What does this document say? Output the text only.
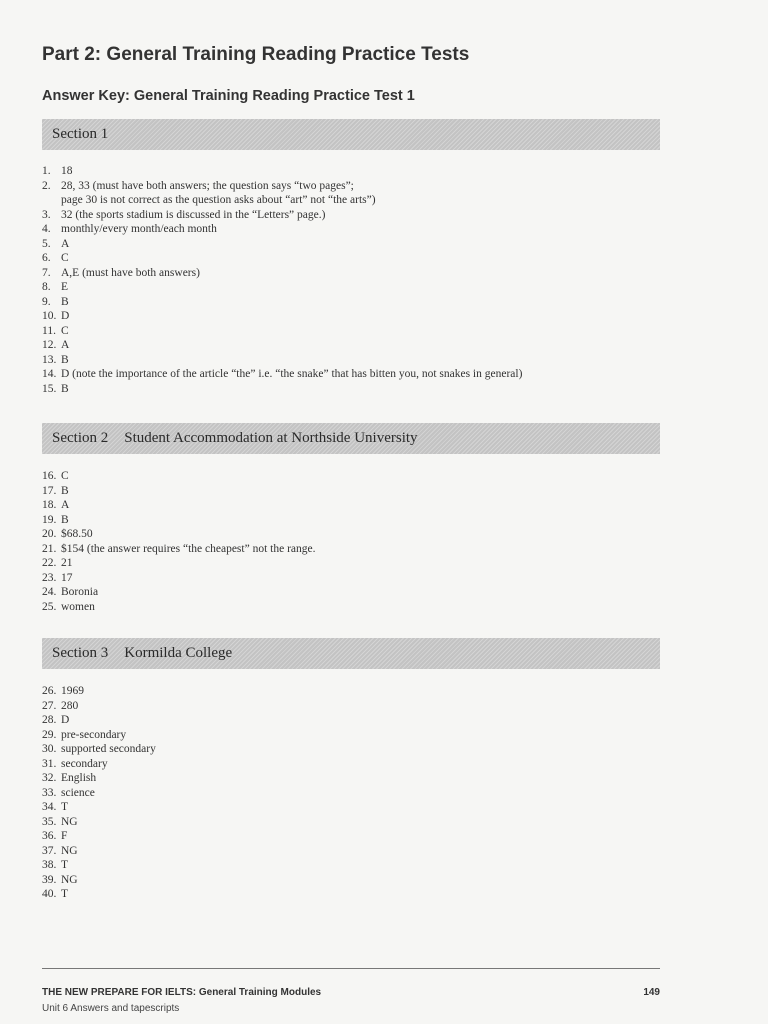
Part 2: General Training Reading Practice Tests
Answer Key: General Training Reading Practice Test 1
Section 1
1. 18
2. 28, 33 (must have both answers; the question says “two pages”;
page 30 is not correct as the question asks about “art” not “the arts”)
3. 32 (the sports stadium is discussed in the “Letters” page.)
4. monthly/every month/each month
5. A
6. C
7. A,E (must have both answers)
8. E
9. B
10. D
11. C
12. A
13. B
14. D (note the importance of the article “the” i.e. “the snake” that has bitten you, not snakes in general)
15. B
Section 2 Student Accommodation at Northside University
16. C
17. B
18. A
19. B
20. $68.50
21. $154 (the answer requires “the cheapest” not the range.
22. 21
23. 17
24. Boronia
25. women
Section 3 Kormilda College
26. 1969
27. 280
28. D
29. pre-secondary
30. supported secondary
31. secondary
32. English
33. science
34. T
35. NG
36. F
37. NG
38. T
39. NG
40. T
THE NEW PREPARE FOR IELTS: General Training Modules
Unit 6 Answers and tapescripts
149
